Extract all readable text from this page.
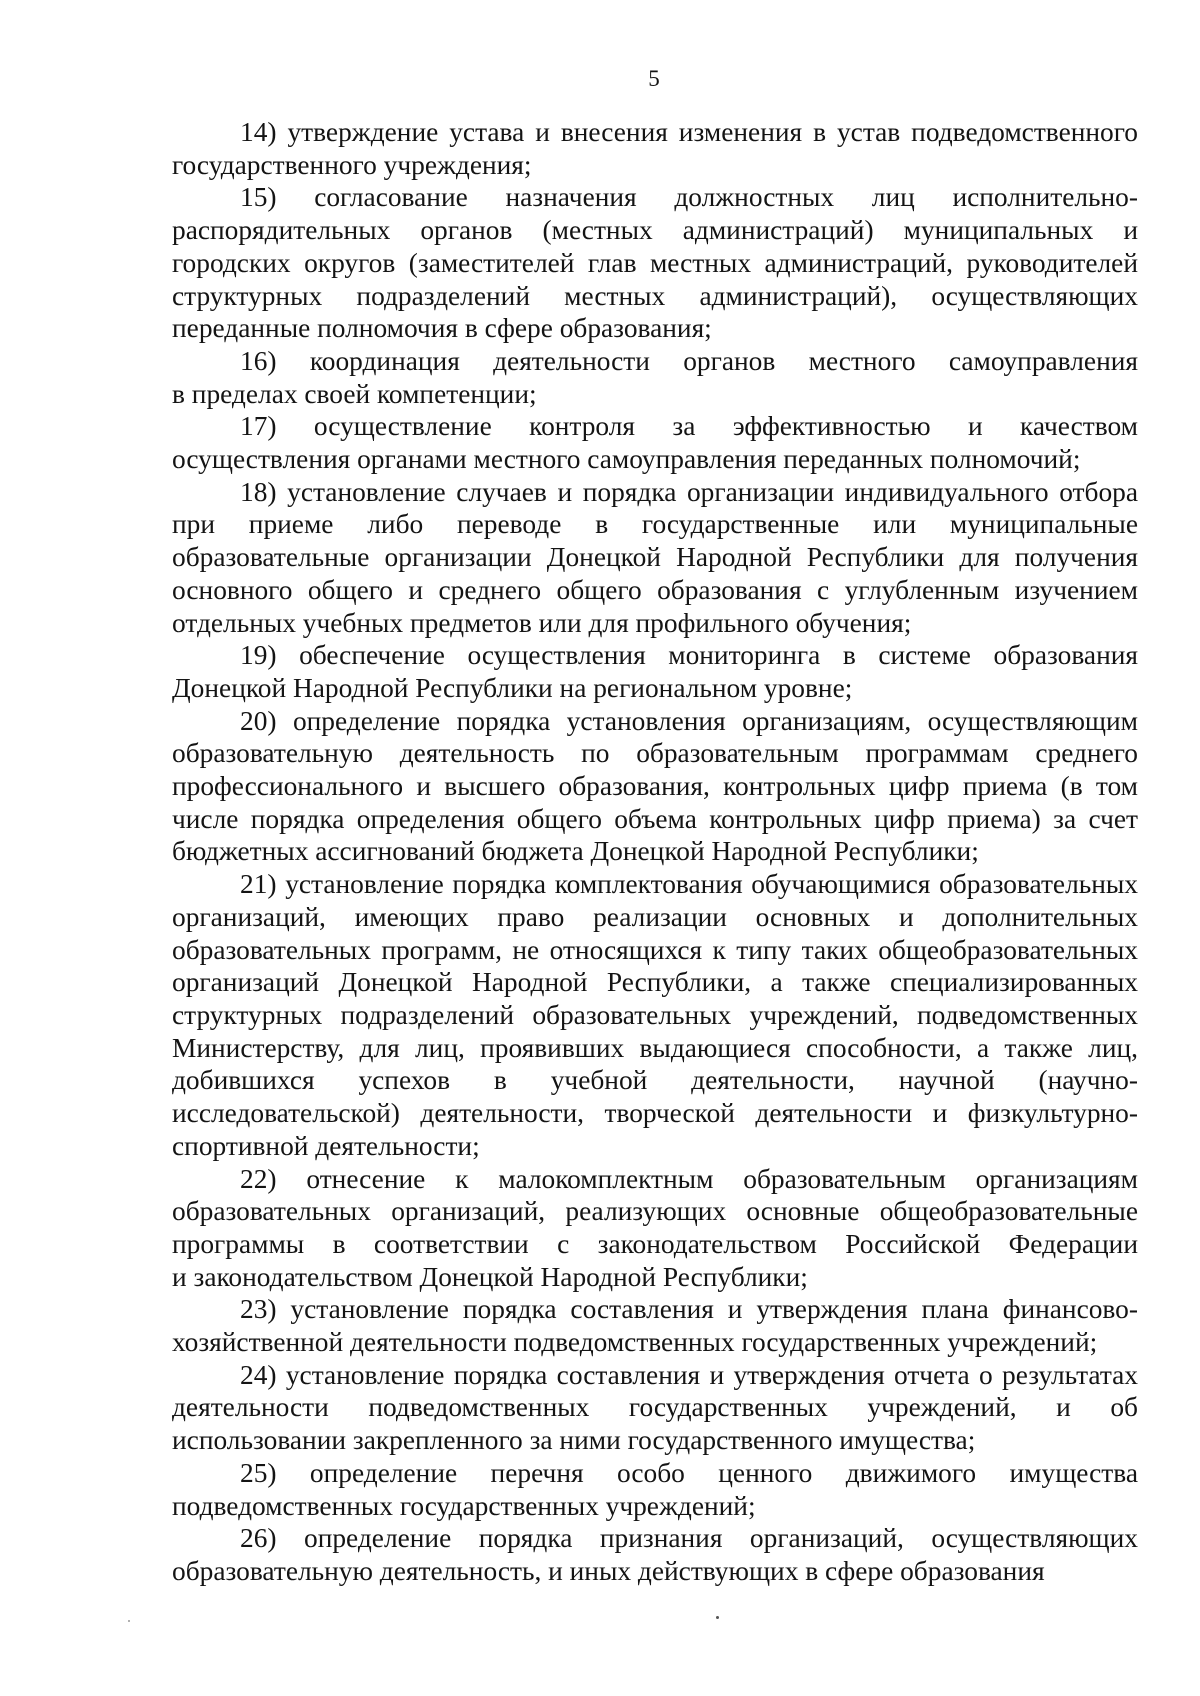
5

14) утверждение устава и внесения изменения в устав подведомственного государственного учреждения;

15) согласование назначения должностных лиц исполнительно-распорядительных органов (местных администраций) муниципальных и городских округов (заместителей глав местных администраций, руководителей структурных подразделений местных администраций), осуществляющих переданные полномочия в сфере образования;

16) координация деятельности органов местного самоуправления в пределах своей компетенции;

17) осуществление контроля за эффективностью и качеством осуществления органами местного самоуправления переданных полномочий;

18) установление случаев и порядка организации индивидуального отбора при приеме либо переводе в государственные или муниципальные образовательные организации Донецкой Народной Республики для получения основного общего и среднего общего образования с углубленным изучением отдельных учебных предметов или для профильного обучения;

19) обеспечение осуществления мониторинга в системе образования Донецкой Народной Республики на региональном уровне;

20) определение порядка установления организациям, осуществляющим образовательную деятельность по образовательным программам среднего профессионального и высшего образования, контрольных цифр приема (в том числе порядка определения общего объема контрольных цифр приема) за счет бюджетных ассигнований бюджета Донецкой Народной Республики;

21) установление порядка комплектования обучающимися образовательных организаций, имеющих право реализации основных и дополнительных образовательных программ, не относящихся к типу таких общеобразовательных организаций Донецкой Народной Республики, а также специализированных структурных подразделений образовательных учреждений, подведомственных Министерству, для лиц, проявивших выдающиеся способности, а также лиц, добившихся успехов в учебной деятельности, научной (научно-исследовательской) деятельности, творческой деятельности и физкультурно-спортивной деятельности;

22) отнесение к малокомплектным образовательным организациям образовательных организаций, реализующих основные общеобразовательные программы в соответствии с законодательством Российской Федерации и законодательством Донецкой Народной Республики;

23) установление порядка составления и утверждения плана финансово-хозяйственной деятельности подведомственных государственных учреждений;

24) установление порядка составления и утверждения отчета о результатах деятельности подведомственных государственных учреждений, и об использовании закрепленного за ними государственного имущества;

25) определение перечня особо ценного движимого имущества подведомственных государственных учреждений;

26) определение порядка признания организаций, осуществляющих образовательную деятельность, и иных действующих в сфере образования
